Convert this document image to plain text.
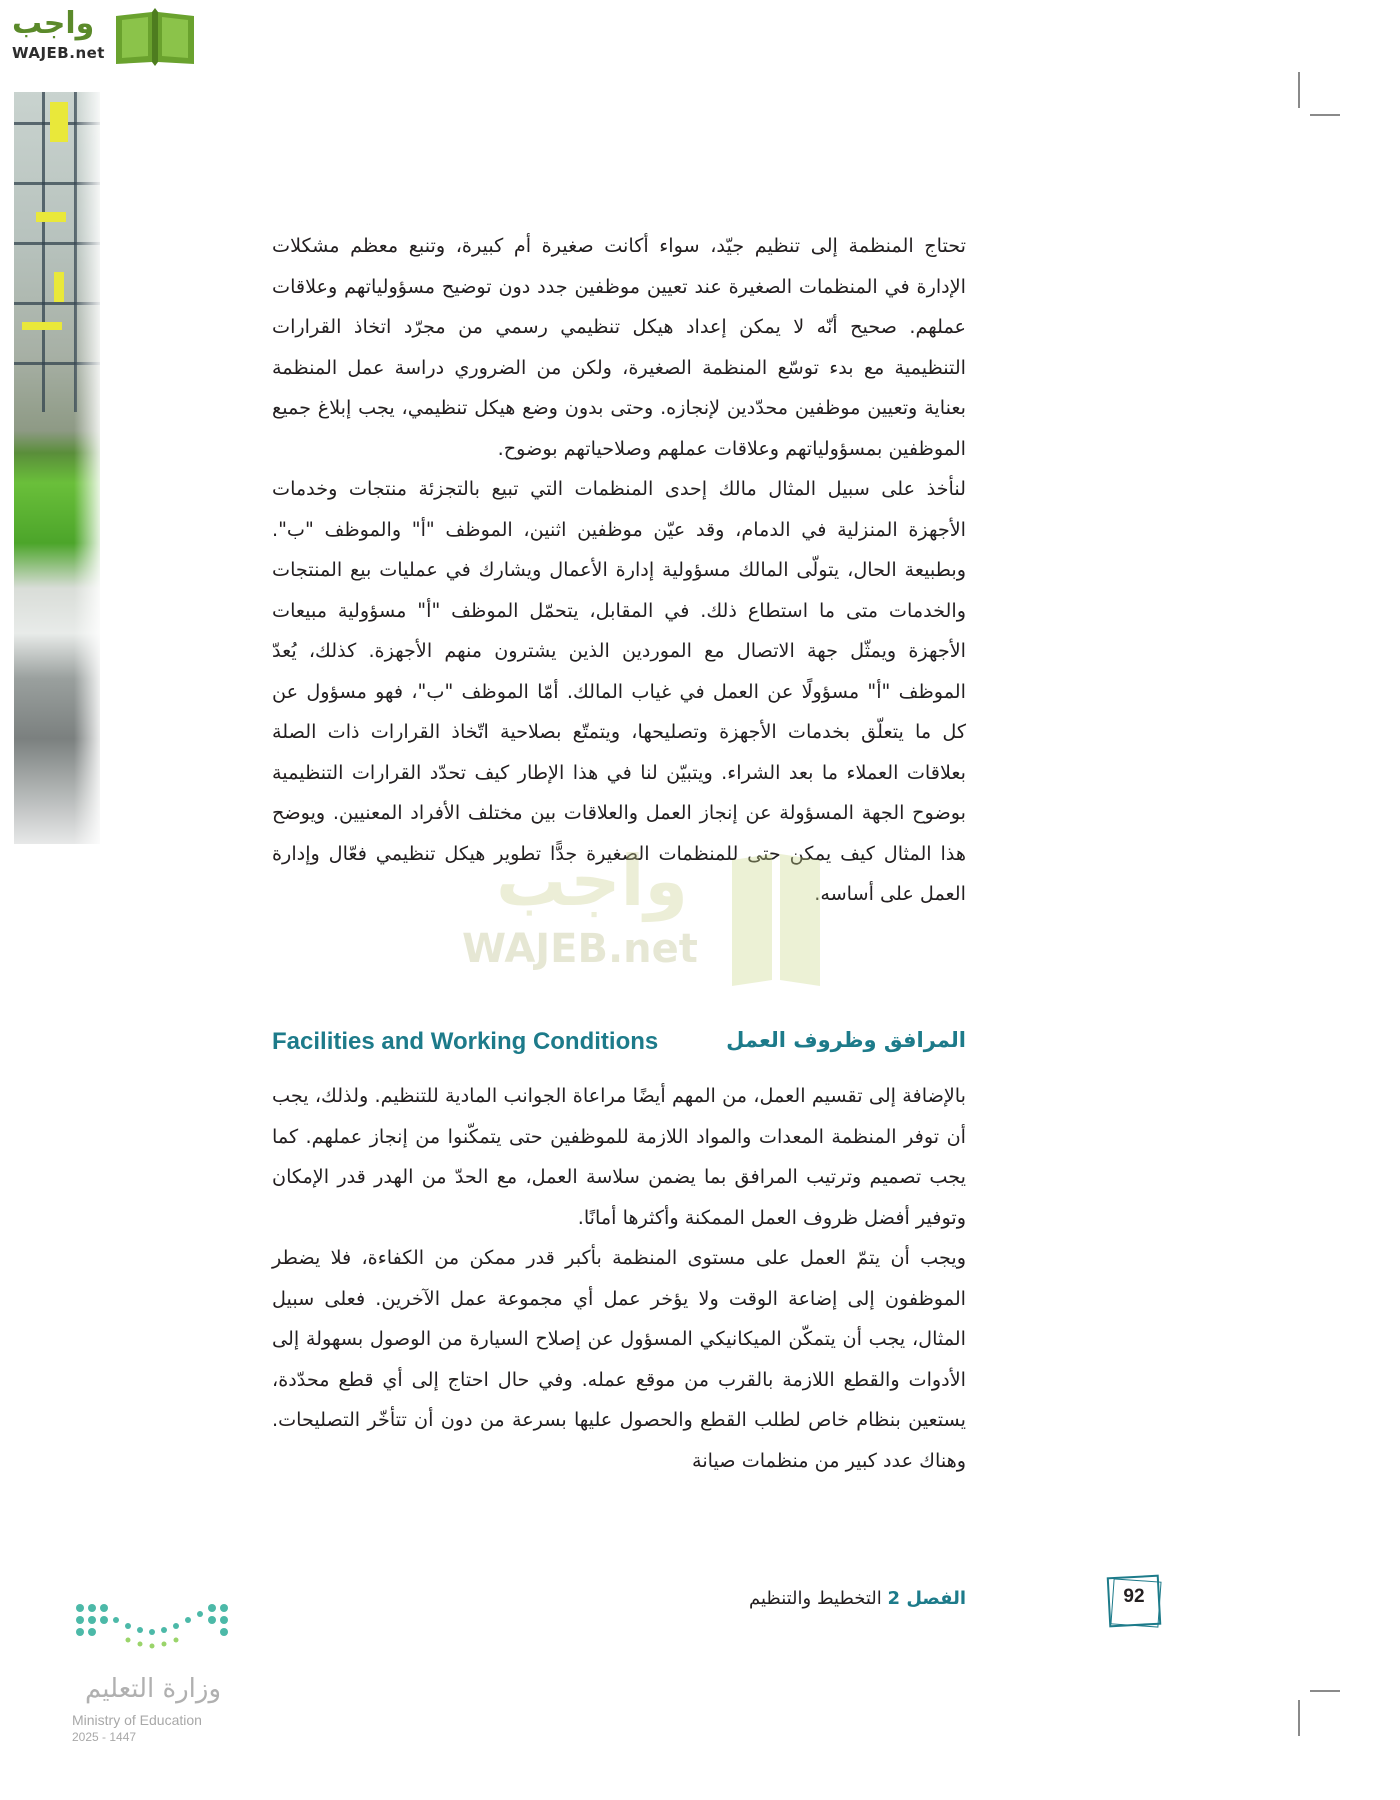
واجب
WAJEB.net

تحتاج المنظمة إلى تنظيم جيّد، سواء أكانت صغيرة أم كبيرة، وتنبع معظم مشكلات الإدارة في المنظمات الصغيرة عند تعيين موظفين جدد دون توضيح مسؤولياتهم وعلاقات عملهم. صحيح أنّه لا يمكن إعداد هيكل تنظيمي رسمي من مجرّد اتخاذ القرارات التنظيمية مع بدء توسّع المنظمة الصغيرة، ولكن من الضروري دراسة عمل المنظمة بعناية وتعيين موظفين محدّدين لإنجازه. وحتى بدون وضع هيكل تنظيمي، يجب إبلاغ جميع الموظفين بمسؤولياتهم وعلاقات عملهم وصلاحياتهم بوضوح.

لنأخذ على سبيل المثال مالك إحدى المنظمات التي تبيع بالتجزئة منتجات وخدمات الأجهزة المنزلية في الدمام، وقد عيّن موظفين اثنين، الموظف "أ" والموظف "ب". وبطبيعة الحال، يتولّى المالك مسؤولية إدارة الأعمال ويشارك في عمليات بيع المنتجات والخدمات متى ما استطاع ذلك. في المقابل، يتحمّل الموظف "أ" مسؤولية مبيعات الأجهزة ويمثّل جهة الاتصال مع الموردين الذين يشترون منهم الأجهزة. كذلك، يُعدّ الموظف "أ" مسؤولًا عن العمل في غياب المالك. أمّا الموظف "ب"، فهو مسؤول عن كل ما يتعلّق بخدمات الأجهزة وتصليحها، ويتمتّع بصلاحية اتّخاذ القرارات ذات الصلة بعلاقات العملاء ما بعد الشراء. ويتبيّن لنا في هذا الإطار كيف تحدّد القرارات التنظيمية بوضوح الجهة المسؤولة عن إنجاز العمل والعلاقات بين مختلف الأفراد المعنيين. ويوضح هذا المثال كيف يمكن حتى للمنظمات الصغيرة جدًّا تطوير هيكل تنظيمي فعّال وإدارة العمل على أساسه.

واجب
WAJEB.net
المرافق وظروف العمل
Facilities and Working Conditions

بالإضافة إلى تقسيم العمل، من المهم أيضًا مراعاة الجوانب المادية للتنظيم. ولذلك، يجب أن توفر المنظمة المعدات والمواد اللازمة للموظفين حتى يتمكّنوا من إنجاز عملهم. كما يجب تصميم وترتيب المرافق بما يضمن سلاسة العمل، مع الحدّ من الهدر قدر الإمكان وتوفير أفضل ظروف العمل الممكنة وأكثرها أمانًا.

ويجب أن يتمّ العمل على مستوى المنظمة بأكبر قدر ممكن من الكفاءة، فلا يضطر الموظفون إلى إضاعة الوقت ولا يؤخر عمل أي مجموعة عمل الآخرين. فعلى سبيل المثال، يجب أن يتمكّن الميكانيكي المسؤول عن إصلاح السيارة من الوصول بسهولة إلى الأدوات والقطع اللازمة بالقرب من موقع عمله. وفي حال احتاج إلى أي قطع محدّدة، يستعين بنظام خاص لطلب القطع والحصول عليها بسرعة من دون أن تتأخّر التصليحات. وهناك عدد كبير من منظمات صيانة

الفصل 2 التخطيط والتنظيم	92
وزارة التعليم
Ministry of Education
2025 - 1447
